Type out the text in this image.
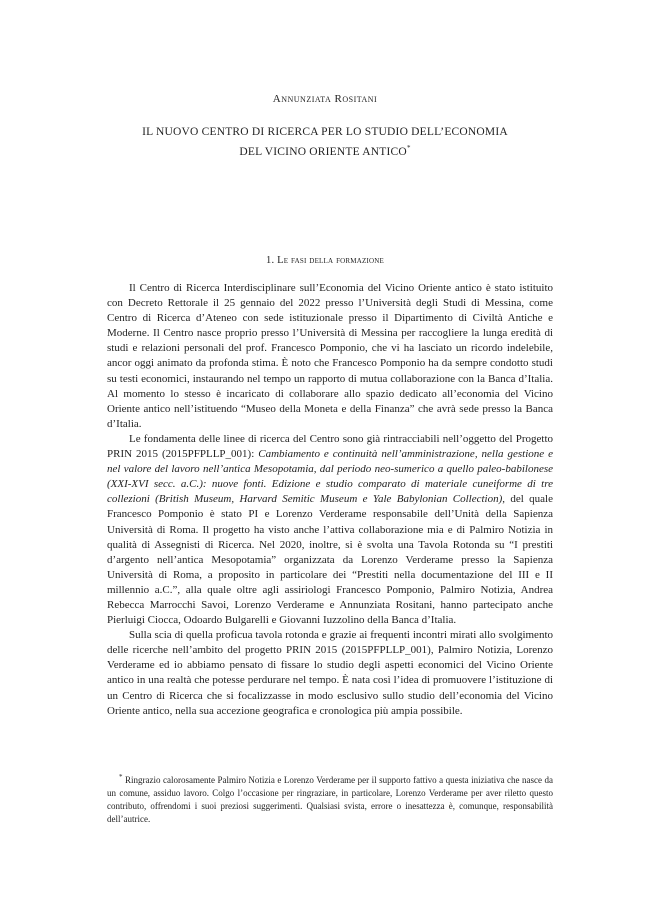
Annunziata Rositani
IL NUOVO CENTRO DI RICERCA PER LO STUDIO DELL’ECONOMIA
DEL VICINO ORIENTE ANTICO*
1. Le fasi della formazione

Il Centro di Ricerca Interdisciplinare sull’Economia del Vicino Oriente antico è stato istituito con Decreto Rettorale il 25 gennaio del 2022 presso l’Università degli Studi di Messina, come Centro di Ricerca d’Ateneo con sede istituzionale presso il Dipartimento di Civiltà Antiche e Moderne. Il Centro nasce proprio presso l’Università di Messina per raccogliere la lunga eredità di studi e relazioni personali del prof. Francesco Pomponio, che vi ha lasciato un ricordo indelebile, ancor oggi animato da profonda stima. È noto che Francesco Pomponio ha da sempre condotto studi su testi economici, instaurando nel tempo un rapporto di mutua collaborazione con la Banca d’Italia. Al momento lo stesso è incaricato di collaborare allo spazio dedicato all’economia del Vicino Oriente antico nell’istituendo “Museo della Moneta e della Finanza” che avrà sede presso la Banca d’Italia.

Le fondamenta delle linee di ricerca del Centro sono già rintracciabili nell’oggetto del Progetto PRIN 2015 (2015PFPLLP_001): Cambiamento e continuità nell’amministrazione, nella gestione e nel valore del lavoro nell’antica Mesopotamia, dal periodo neo-sumerico a quello paleo-babilonese (XXI-XVI secc. a.C.): nuove fonti. Edizione e studio comparato di materiale cuneiforme di tre collezioni (British Museum, Harvard Semitic Museum e Yale Babylonian Collection), del quale Francesco Pomponio è stato PI e Lorenzo Verderame responsabile dell’Unità della Sapienza Università di Roma. Il progetto ha visto anche l’attiva collaborazione mia e di Palmiro Notizia in qualità di Assegnisti di Ricerca. Nel 2020, inoltre, si è svolta una Tavola Rotonda su “I prestiti d’argento nell’antica Mesopotamia” organizzata da Lorenzo Verderame presso la Sapienza Università di Roma, a proposito in particolare dei “Prestiti nella documentazione del III e II millennio a.C.”, alla quale oltre agli assiriologi Francesco Pomponio, Palmiro Notizia, Andrea Rebecca Marrocchi Savoi, Lorenzo Verderame e Annunziata Rositani, hanno partecipato anche Pierluigi Ciocca, Odoardo Bulgarelli e Giovanni Iuzzolino della Banca d’Italia.

Sulla scia di quella proficua tavola rotonda e grazie ai frequenti incontri mirati allo svolgimento delle ricerche nell’ambito del progetto PRIN 2015 (2015PFPLLP_001), Palmiro Notizia, Lorenzo Verderame ed io abbiamo pensato di fissare lo studio degli aspetti economici del Vicino Oriente antico in una realtà che potesse perdurare nel tempo. È nata così l’idea di promuovere l’istituzione di un Centro di Ricerca che si focalizzasse in modo esclusivo sullo studio dell’economia del Vicino Oriente antico, nella sua accezione geografica e cronologica più ampia possibile.

* Ringrazio calorosamente Palmiro Notizia e Lorenzo Verderame per il supporto fattivo a questa iniziativa che nasce da un comune, assiduo lavoro. Colgo l’occasione per ringraziare, in particolare, Lorenzo Verderame per aver riletto questo contributo, offrendomi i suoi preziosi suggerimenti. Qualsiasi svista, errore o inesattezza è, comunque, responsabilità dell’autrice.
